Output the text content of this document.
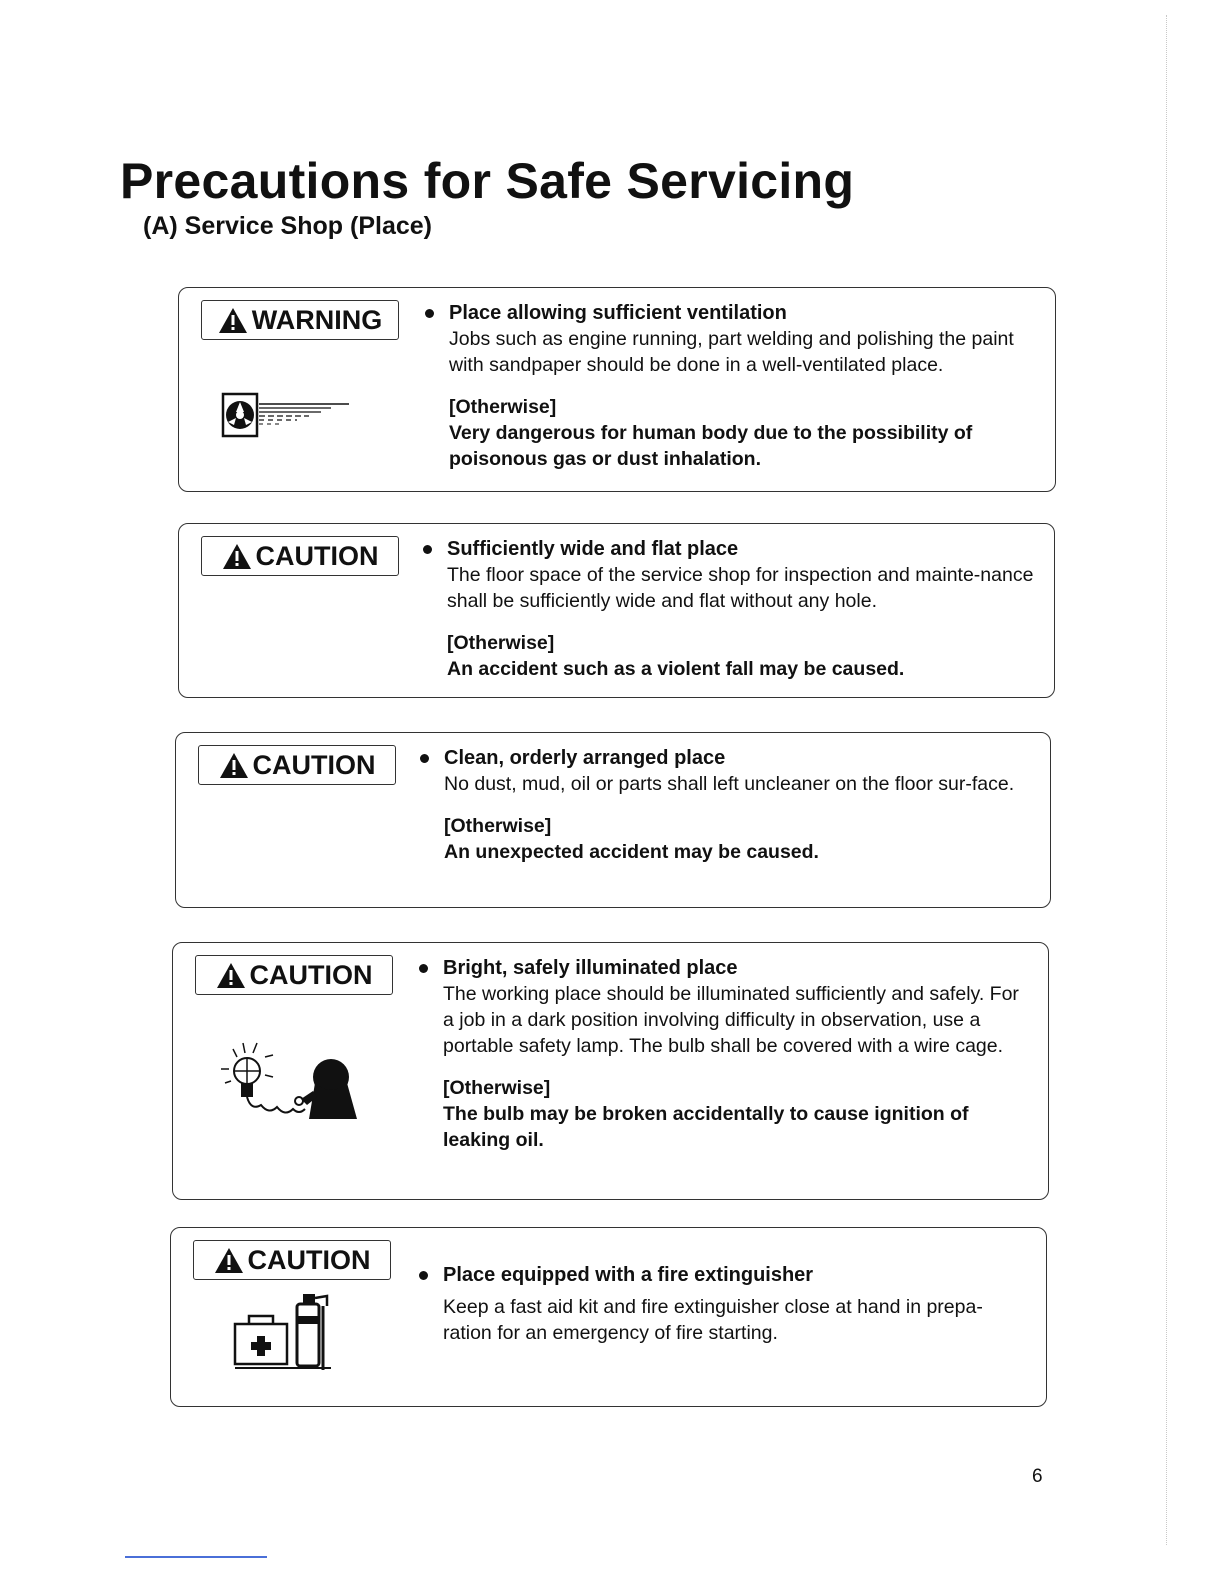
Precautions for Safe Servicing
(A) Service Shop (Place)
WARNING	Place allowing sufficient ventilation
Jobs such as engine running, part welding and polishing the paint with sandpaper should be done in a well-ventilated place.
[Otherwise]
Very dangerous for human body due to the possibility of poisonous gas or dust inhalation.
CAUTION	Sufficiently wide and flat place
The floor space of the service shop for inspection and mainte-nance shall be sufficiently wide and flat without any hole.
[Otherwise]
An accident such as a violent fall may be caused.
CAUTION	Clean, orderly arranged place
No dust, mud, oil or parts shall left uncleaner on the floor sur-face.
[Otherwise]
An unexpected accident may be caused.
CAUTION	Bright, safely illuminated place
The working place should be illuminated sufficiently and safely. For a job in a dark position involving difficulty in observation, use a portable safety lamp. The bulb shall be covered with a wire cage.
[Otherwise]
The bulb may be broken accidentally to cause ignition of leaking oil.
CAUTION
Place equipped with a fire extinguisher
Keep a fast aid kit and fire extinguisher close at hand in prepa-ration for an emergency of fire starting.
6
